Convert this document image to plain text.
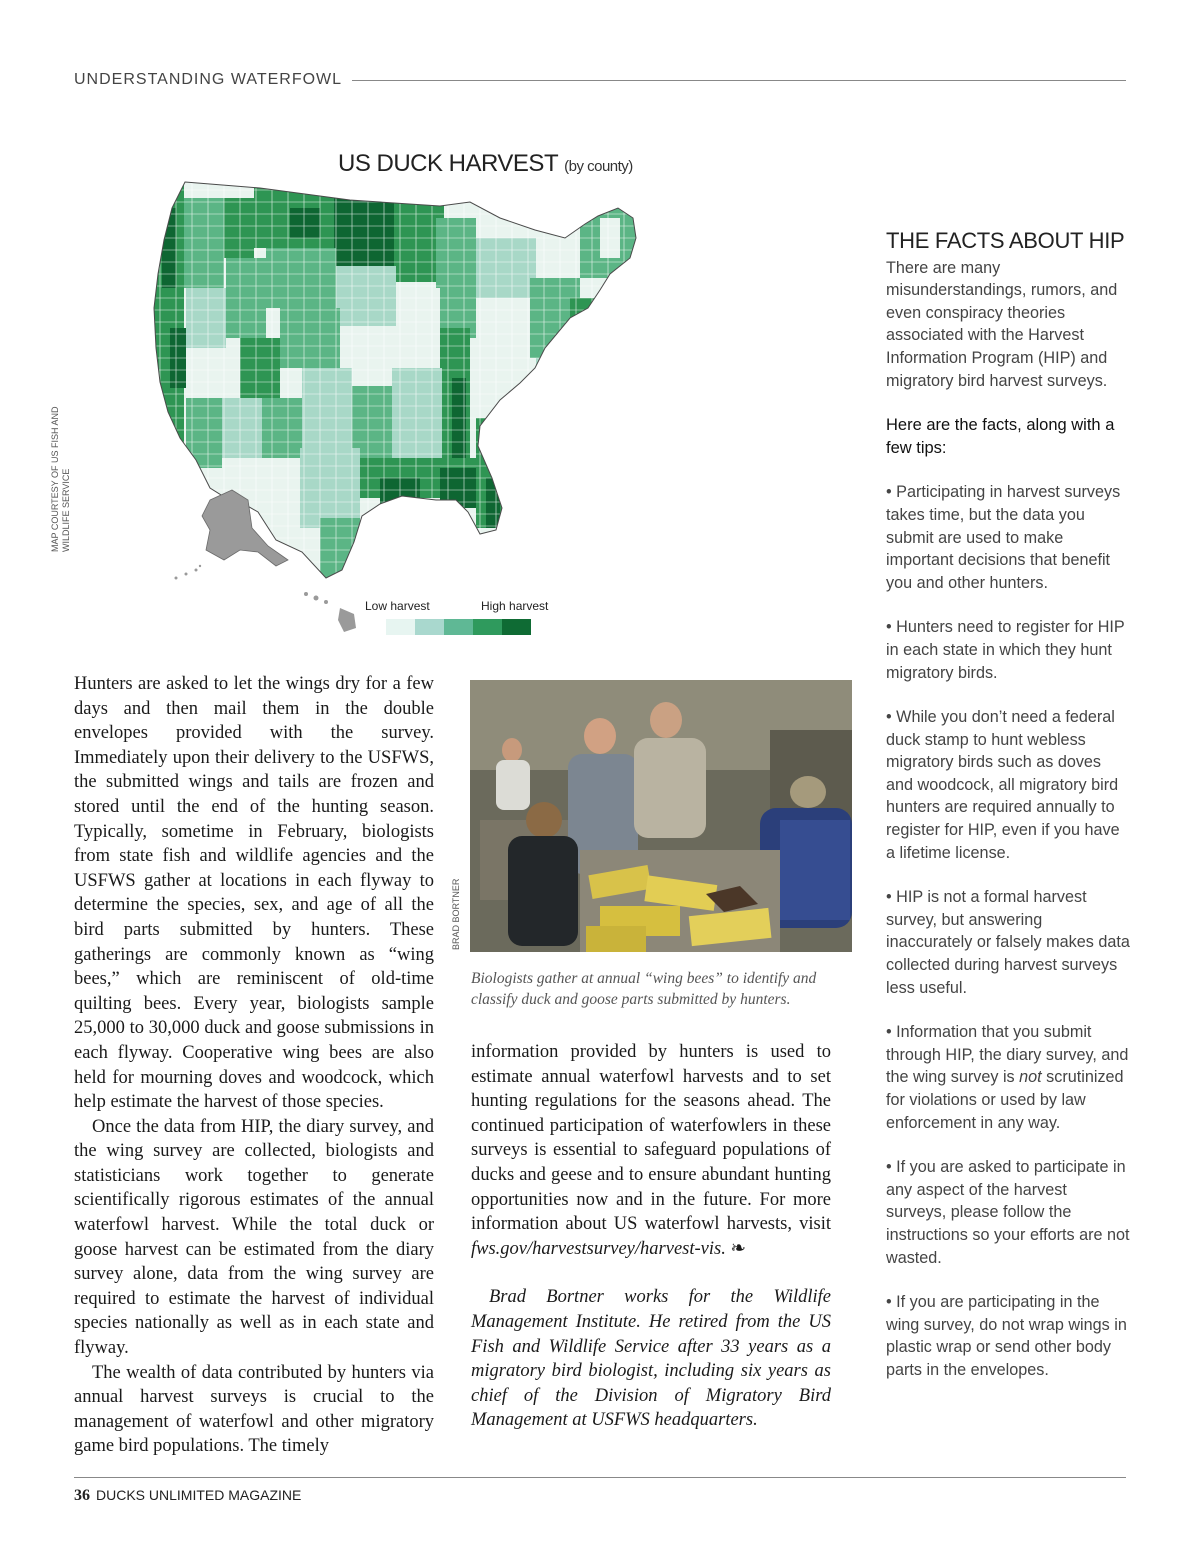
UNDERSTANDING WATERFOWL
US DUCK HARVEST (by county)
MAP COURTESY OF US FISH AND WILDLIFE SERVICE
Low harvest	High harvest

Hunters are asked to let the wings dry for a few days and then mail them in the double envelopes provided with the survey. Immediately upon their delivery to the USFWS, the submitted wings and tails are frozen and stored until the end of the hunting season. Typically, sometime in February, biologists from state fish and wildlife agencies and the USFWS gather at locations in each flyway to determine the species, sex, and age of all the bird parts submitted by hunters. These gatherings are commonly known as “wing bees,” which are reminiscent of old-time quilting bees. Every year, biologists sample 25,000 to 30,000 duck and goose submissions in each flyway. Cooperative wing bees are also held for mourning doves and woodcock, which help estimate the harvest of those species.

Once the data from HIP, the diary survey, and the wing survey are collected, biologists and statisticians work together to generate scientifically rigorous estimates of the annual waterfowl harvest. While the total duck or goose harvest can be estimated from the diary survey alone, data from the wing survey are required to estimate the harvest of individual species nationally as well as in each state and flyway.

The wealth of data contributed by hunters via annual harvest surveys is crucial to the management of waterfowl and other migratory game bird populations. The timely

BRAD BORTNER
Biologists gather at annual “wing bees” to identify and classify duck and goose parts submitted by hunters.

information provided by hunters is used to estimate annual waterfowl harvests and to set hunting regulations for the seasons ahead. The continued participation of waterfowlers in these surveys is essential to safeguard populations of ducks and geese and to ensure abundant hunting opportunities now and in the future. For more information about US waterfowl harvests, visit fws.gov/harvestsurvey/harvest-vis. ❧

Brad Bortner works for the Wildlife Management Institute. He retired from the US Fish and Wildlife Service after 33 years as a migratory bird biologist, including six years as chief of the Division of Migratory Bird Management at USFWS headquarters.

THE FACTS ABOUT HIP

There are many misunderstandings, rumors, and even conspiracy theories associated with the Harvest Information Program (HIP) and migratory bird harvest surveys.

Here are the facts, along with a few tips:

• Participating in harvest surveys takes time, but the data you submit are used to make important decisions that benefit you and other hunters.

• Hunters need to register for HIP in each state in which they hunt migratory birds.

• While you don’t need a federal duck stamp to hunt webless migratory birds such as doves and woodcock, all migratory bird hunters are required annually to register for HIP, even if you have a lifetime license.

• HIP is not a formal harvest survey, but answering inaccurately or falsely makes data collected during harvest surveys less useful.

• Information that you submit through HIP, the diary survey, and the wing survey is not scrutinized for violations or used by law enforcement in any way.

• If you are asked to participate in any aspect of the harvest surveys, please follow the instructions so your efforts are not wasted.

• If you are participating in the wing survey, do not wrap wings in plastic wrap or send other body parts in the envelopes.

36 DUCKS UNLIMITED MAGAZINE
